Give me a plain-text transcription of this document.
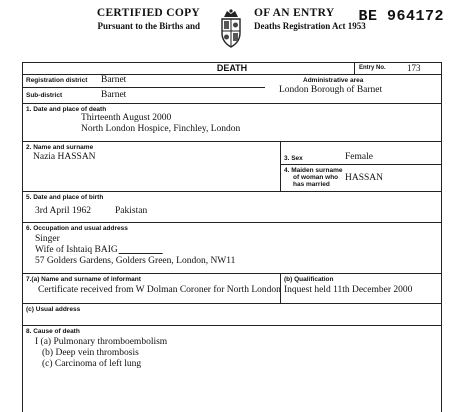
CERTIFIED COPY
Pursuant to the Births and
OF AN ENTRY
Deaths Registration Act 1953
BE 964172
DEATH	Entry No. 173
Registration district Barnet	Administrative area
London Borough of Barnet
Sub-district	Barnet
1. Date and place of death
Thirteenth August 2000
North London Hospice, Finchley, London
2. Name and surname
Nazia HASSAN	3. Sex	Female
4. Maiden surname
of woman who
has married
HASSAN
5. Date and place of birth
3rd April 1962	Pakistan
6. Occupation and usual address
Singer
Wife of Ishtaiq BAIG
57 Golders Gardens, Golders Green, London, NW11
7.(a) Name and surname of informant
Certificate received from W Dolman Coroner for North London
(b) Qualification
Inquest held 11th December 2000
(c) Usual address
8. Cause of death
I (a) Pulmonary thromboembolism
(b) Deep vein thrombosis
(c) Carcinoma of left lung
